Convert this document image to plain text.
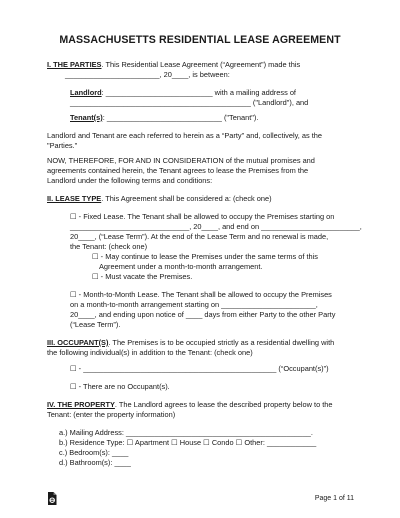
MASSACHUSETTS RESIDENTIAL LEASE AGREEMENT
I. THE PARTIES. This Residential Lease Agreement (“Agreement”) made this
_______________________, 20____, is between:
Landlord: __________________________ with a mailing address of
____________________________________________ ("Landlord"), and
Tenant(s): ____________________________ ("Tenant").
Landlord and Tenant are each referred to herein as a “Party” and, collectively, as the
"Parties."
NOW, THEREFORE, FOR AND IN CONSIDERATION of the mutual promises and
agreements contained herein, the Tenant agrees to lease the Premises from the
Landlord under the following terms and conditions:
II. LEASE TYPE. This Agreement shall be considered a: (check one)
☐ - Fixed Lease. The Tenant shall be allowed to occupy the Premises starting on
_____________________________, 20____, and end on ________________________,
20____, (“Lease Term”). At the end of the Lease Term and no renewal is made,
the Tenant: (check one)
☐ - May continue to lease the Premises under the same terms of this
Agreement under a month-to-month arrangement.
☐ - Must vacate the Premises.
☐ - Month-to-Month Lease. The Tenant shall be allowed to occupy the Premises
on a month-to-month arrangement starting on _______________________,
20____, and ending upon notice of ____ days from either Party to the other Party
(“Lease Term”).
III. OCCUPANT(S). The Premises is to be occupied strictly as a residential dwelling with
the following individual(s) in addition to the Tenant: (check one)
☐ - _______________________________________________ (“Occupant(s)”)
☐ - There are no Occupant(s).
IV. THE PROPERTY. The Landlord agrees to lease the described property below to the
Tenant: (enter the property information)
a.) Mailing Address: _____________________________________________.
b.) Residence Type: ☐ Apartment ☐ House ☐ Condo ☐ Other: ____________
c.) Bedroom(s): ____
d.) Bathroom(s): ____
Page 1 of 11
